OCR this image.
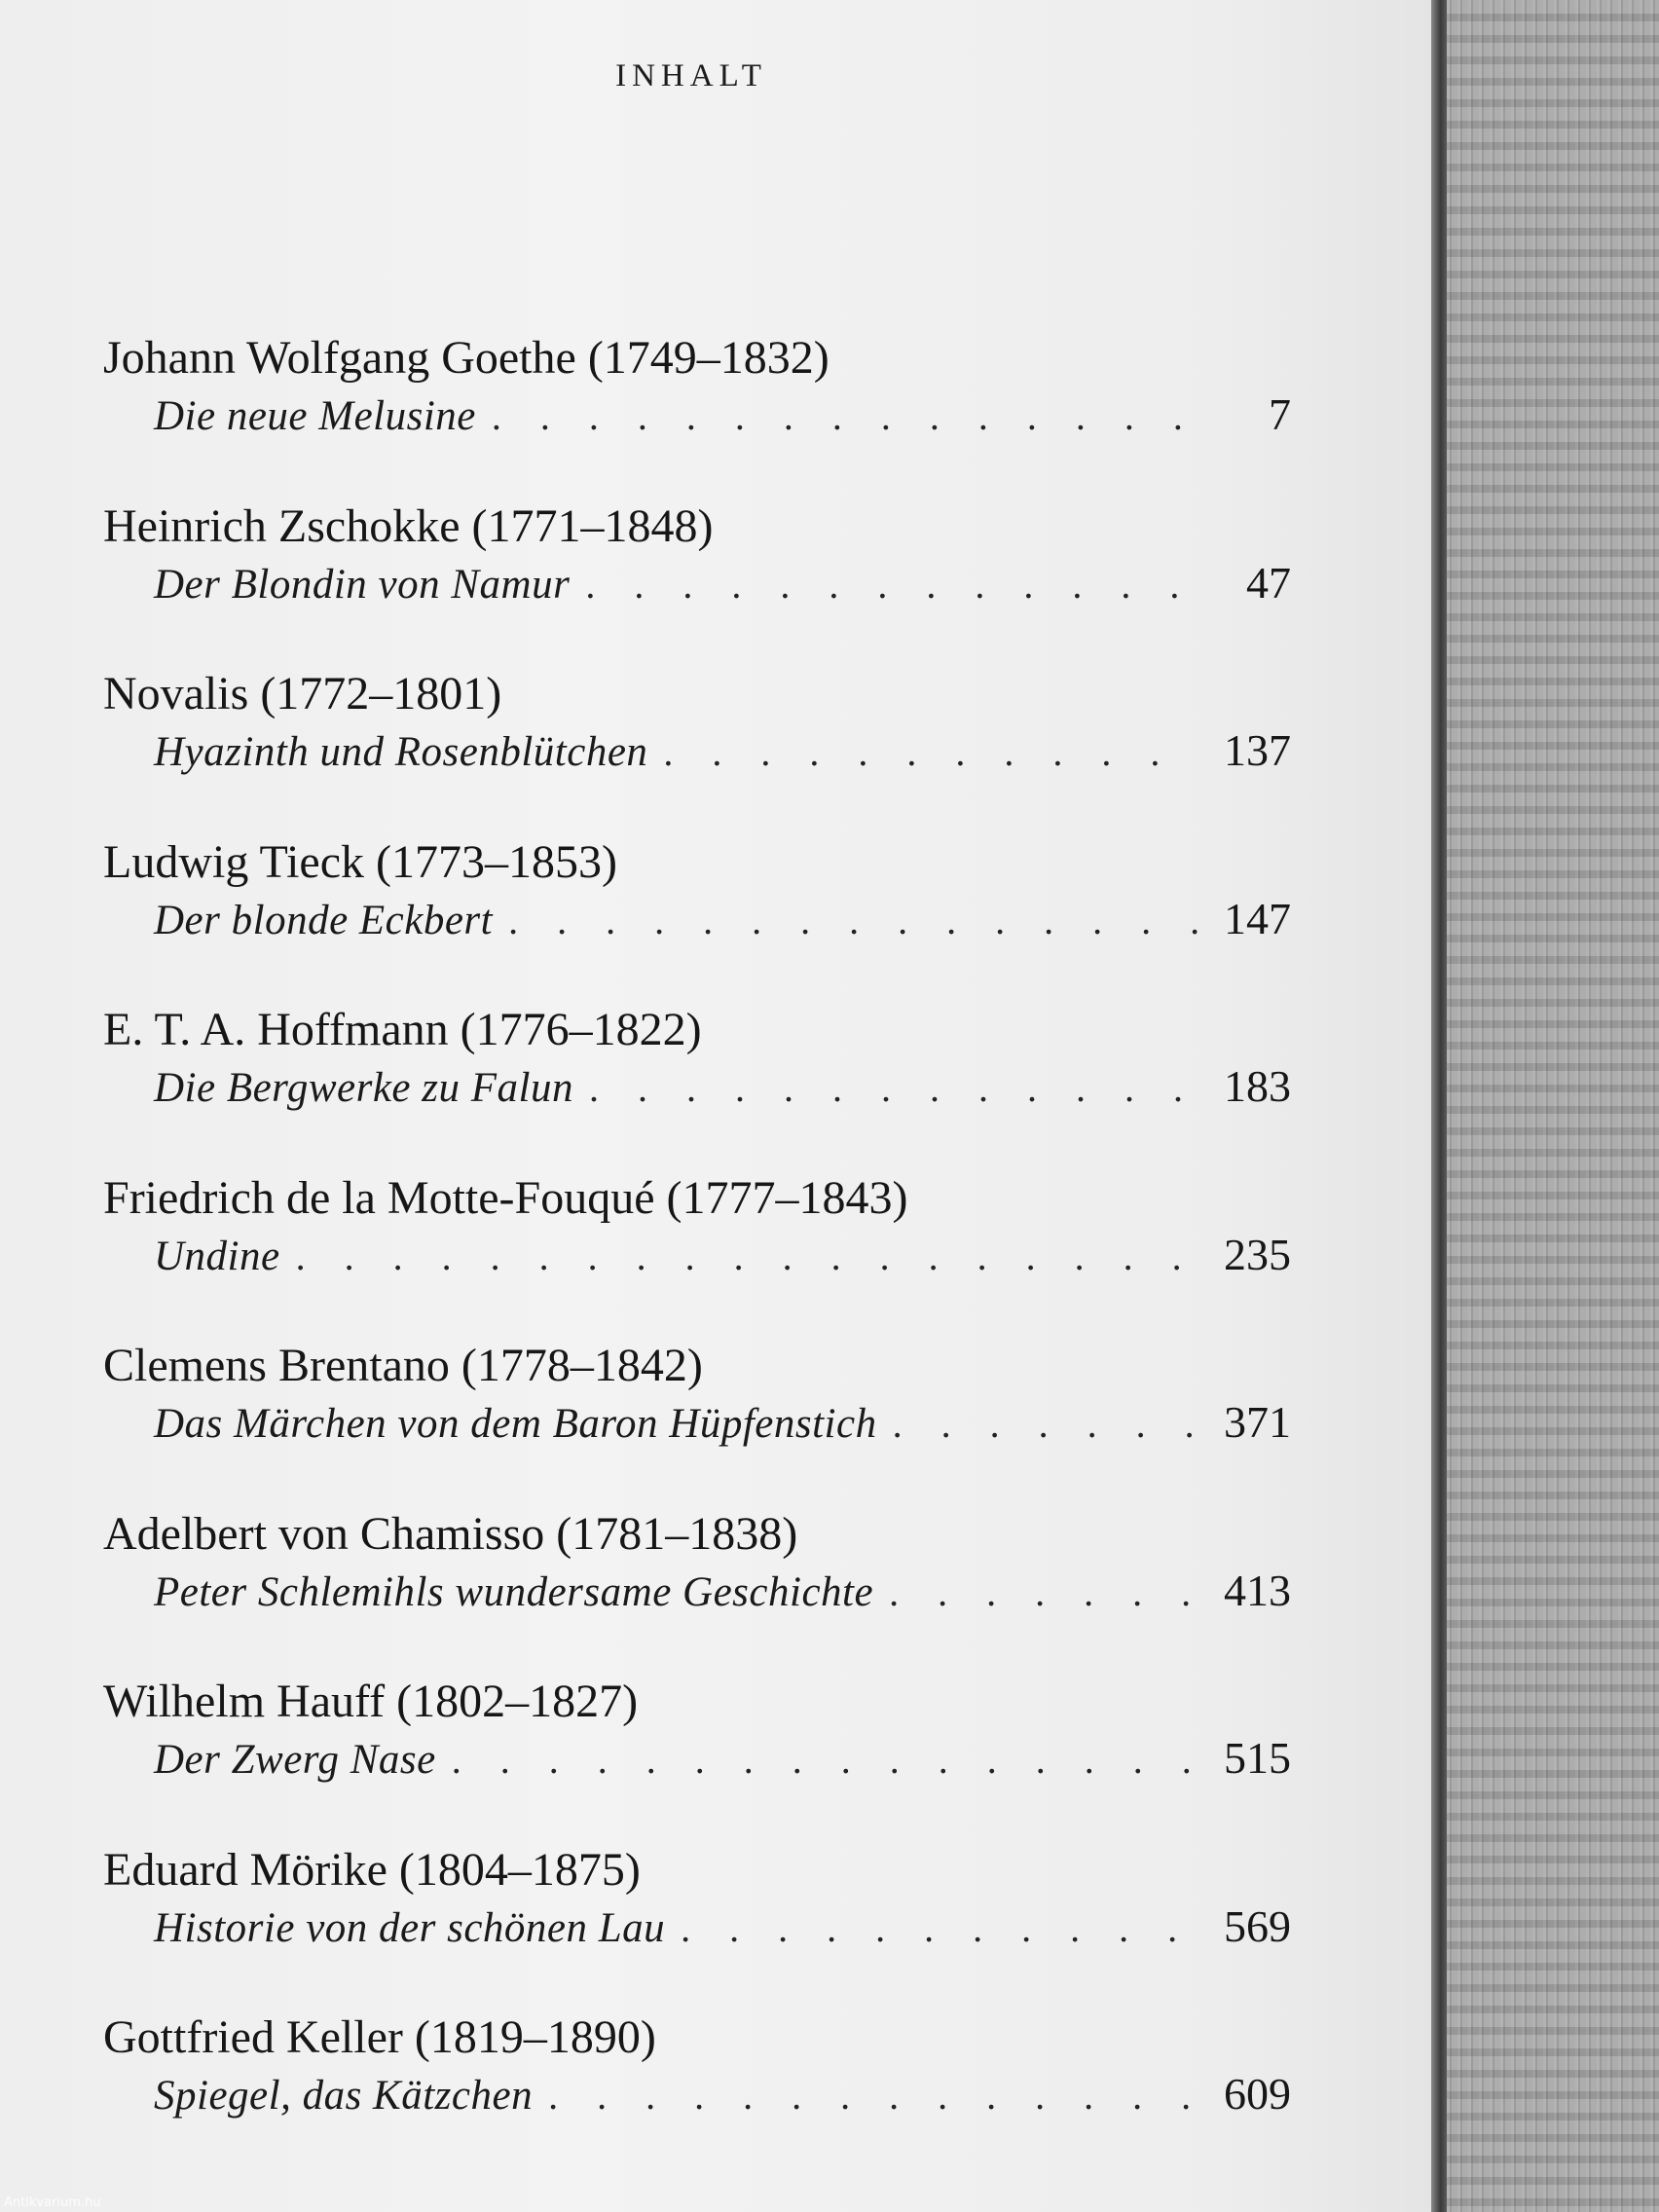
INHALT
Johann Wolfgang Goethe (1749–1832)
Die neue Melusine . . .	7
Heinrich Zschokke (1771–1848)
Der Blondin von Namur . . .	47
Novalis (1772–1801)
Hyazinth und Rosenblütchen . . .	137
Ludwig Tieck (1773–1853)
Der blonde Eckbert . . .	147
E. T. A. Hoffmann (1776–1822)
Die Bergwerke zu Falun . . .	183
Friedrich de la Motte-Fouqué (1777–1843)
Undine . . .	235
Clemens Brentano (1778–1842)
Das Märchen von dem Baron Hüpfenstich . . .	371
Adelbert von Chamisso (1781–1838)
Peter Schlemihls wundersame Geschichte . . .	413
Wilhelm Hauff (1802–1827)
Der Zwerg Nase . . .	515
Eduard Mörike (1804–1875)
Historie von der schönen Lau . . .	569
Gottfried Keller (1819–1890)
Spiegel, das Kätzchen . . .	609
Antikvarium.hu
